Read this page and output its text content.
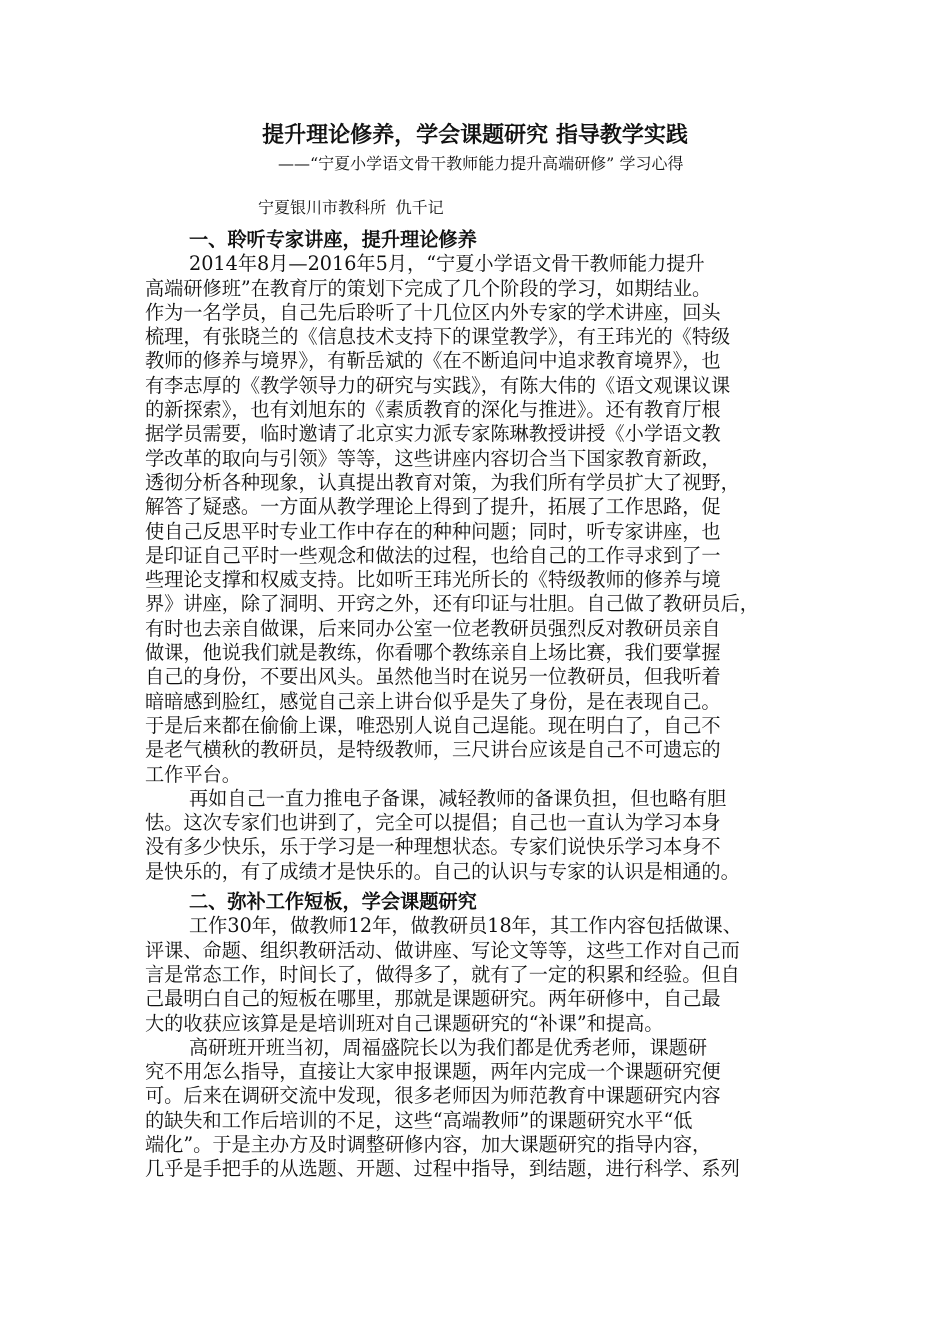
提升理论修养，学会课题研究 指导教学实践
——“宁夏小学语文骨干教师能力提升高端研修” 学习心得
宁夏银川市教科所 仇千记
一、聆听专家讲座，提升理论修养
2014年8月—2016年5月，“宁夏小学语文骨干教师能力提升
高端研修班”在教育厅的策划下完成了几个阶段的学习，如期结业。
作为一名学员，自己先后聆听了十几位区内外专家的学术讲座，回头
梳理，有张晓兰的《信息技术支持下的课堂教学》，有王玮光的《特级
教师的修养与境界》，有靳岳斌的《在不断追问中追求教育境界》，也
有李志厚的《教学领导力的研究与实践》，有陈大伟的《语文观课议课
的新探索》，也有刘旭东的《素质教育的深化与推进》。还有教育厅根
据学员需要，临时邀请了北京实力派专家陈琳教授讲授《小学语文教
学改革的取向与引领》等等，这些讲座内容切合当下国家教育新政，
透彻分析各种现象，认真提出教育对策，为我们所有学员扩大了视野，
解答了疑惑。一方面从教学理论上得到了提升，拓展了工作思路，促
使自己反思平时专业工作中存在的种种问题；同时，听专家讲座，也
是印证自己平时一些观念和做法的过程，也给自己的工作寻求到了一
些理论支撑和权威支持。比如听王玮光所长的《特级教师的修养与境
界》讲座，除了洞明、开窍之外，还有印证与壮胆。自己做了教研员后，
有时也去亲自做课，后来同办公室一位老教研员强烈反对教研员亲自
做课，他说我们就是教练，你看哪个教练亲自上场比赛，我们要掌握
自己的身份，不要出风头。虽然他当时在说另一位教研员，但我听着
暗暗感到脸红，感觉自己亲上讲台似乎是失了身份，是在表现自己。
于是后来都在偷偷上课，唯恐别人说自己逞能。现在明白了，自己不
是老气横秋的教研员，是特级教师，三尺讲台应该是自己不可遗忘的
工作平台。
再如自己一直力推电子备课，减轻教师的备课负担，但也略有胆
怯。这次专家们也讲到了，完全可以提倡；自己也一直认为学习本身
没有多少快乐，乐于学习是一种理想状态。专家们说快乐学习本身不
是快乐的，有了成绩才是快乐的。自己的认识与专家的认识是相通的。
二、弥补工作短板，学会课题研究
工作30年，做教师12年，做教研员18年，其工作内容包括做课、
评课、命题、组织教研活动、做讲座、写论文等等，这些工作对自己而
言是常态工作，时间长了，做得多了，就有了一定的积累和经验。但自
己最明白自己的短板在哪里，那就是课题研究。两年研修中，自己最
大的收获应该算是是培训班对自己课题研究的“补课”和提高。
高研班开班当初，周福盛院长以为我们都是优秀老师，课题研
究不用怎么指导，直接让大家申报课题，两年内完成一个课题研究便
可。后来在调研交流中发现，很多老师因为师范教育中课题研究内容
的缺失和工作后培训的不足，这些“高端教师”的课题研究水平“低
端化”。于是主办方及时调整研修内容，加大课题研究的指导内容，
几乎是手把手的从选题、开题、过程中指导，到结题，进行科学、系列
